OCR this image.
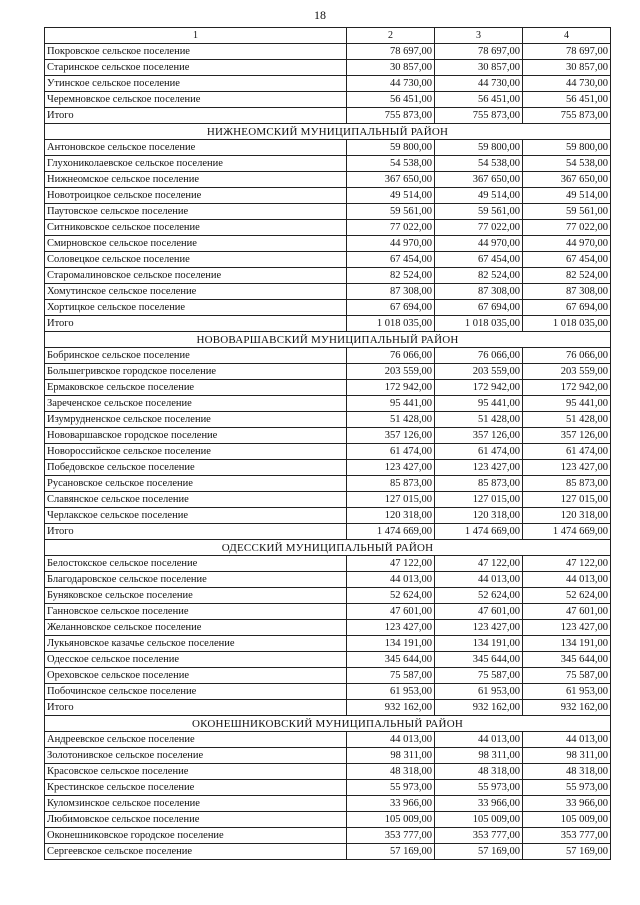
18
1	2	3	4
Покровское сельское поселение	78 697,00	78 697,00	78 697,00
Старинское сельское поселение	30 857,00	30 857,00	30 857,00
Утинское сельское поселение	44 730,00	44 730,00	44 730,00
Черемновское сельское поселение	56 451,00	56 451,00	56 451,00
Итого	755 873,00	755 873,00	755 873,00
НИЖНЕОМСКИЙ МУНИЦИПАЛЬНЫЙ РАЙОН			
Антоновское сельское поселение	59 800,00	59 800,00	59 800,00
Глухониколаевское сельское поселение	54 538,00	54 538,00	54 538,00
Нижнеомское сельское поселение	367 650,00	367 650,00	367 650,00
Новотроицкое сельское поселение	49 514,00	49 514,00	49 514,00
Паутовское сельское поселение	59 561,00	59 561,00	59 561,00
Ситниковское сельское поселение	77 022,00	77 022,00	77 022,00
Смирновское сельское поселение	44 970,00	44 970,00	44 970,00
Соловецкое сельское поселение	67 454,00	67 454,00	67 454,00
Старомалиновское сельское поселение	82 524,00	82 524,00	82 524,00
Хомутинское сельское поселение	87 308,00	87 308,00	87 308,00
Хортицкое сельское поселение	67 694,00	67 694,00	67 694,00
Итого	1 018 035,00	1 018 035,00	1 018 035,00
НОВОВАРШАВСКИЙ МУНИЦИПАЛЬНЫЙ РАЙОН			
Бобринское сельское поселение	76 066,00	76 066,00	76 066,00
Большегривское городское поселение	203 559,00	203 559,00	203 559,00
Ермаковское сельское поселение	172 942,00	172 942,00	172 942,00
Зареченское сельское поселение	95 441,00	95 441,00	95 441,00
Изумрудненское сельское поселение	51 428,00	51 428,00	51 428,00
Нововаршавское городское поселение	357 126,00	357 126,00	357 126,00
Новороссийское сельское поселение	61 474,00	61 474,00	61 474,00
Победовское сельское поселение	123 427,00	123 427,00	123 427,00
Русановское сельское поселение	85 873,00	85 873,00	85 873,00
Славянское сельское поселение	127 015,00	127 015,00	127 015,00
Черлакское сельское поселение	120 318,00	120 318,00	120 318,00
Итого	1 474 669,00	1 474 669,00	1 474 669,00
ОДЕССКИЙ МУНИЦИПАЛЬНЫЙ РАЙОН			
Белостокское сельское поселение	47 122,00	47 122,00	47 122,00
Благодаровское сельское поселение	44 013,00	44 013,00	44 013,00
Буняковское сельское поселение	52 624,00	52 624,00	52 624,00
Ганновское сельское поселение	47 601,00	47 601,00	47 601,00
Желанновское сельское поселение	123 427,00	123 427,00	123 427,00
Лукьяновское казачье сельское поселение	134 191,00	134 191,00	134 191,00
Одесское сельское поселение	345 644,00	345 644,00	345 644,00
Ореховское сельское поселение	75 587,00	75 587,00	75 587,00
Побочинское сельское поселение	61 953,00	61 953,00	61 953,00
Итого	932 162,00	932 162,00	932 162,00
ОКОНЕШНИКОВСКИЙ МУНИЦИПАЛЬНЫЙ РАЙОН			
Андреевское сельское поселение	44 013,00	44 013,00	44 013,00
Золотонивское сельское поселение	98 311,00	98 311,00	98 311,00
Красовское сельское поселение	48 318,00	48 318,00	48 318,00
Крестинское сельское поселение	55 973,00	55 973,00	55 973,00
Куломзинское сельское поселение	33 966,00	33 966,00	33 966,00
Любимовское сельское поселение	105 009,00	105 009,00	105 009,00
Оконешниковское городское поселение	353 777,00	353 777,00	353 777,00
Сергеевское сельское поселение	57 169,00	57 169,00	57 169,00
